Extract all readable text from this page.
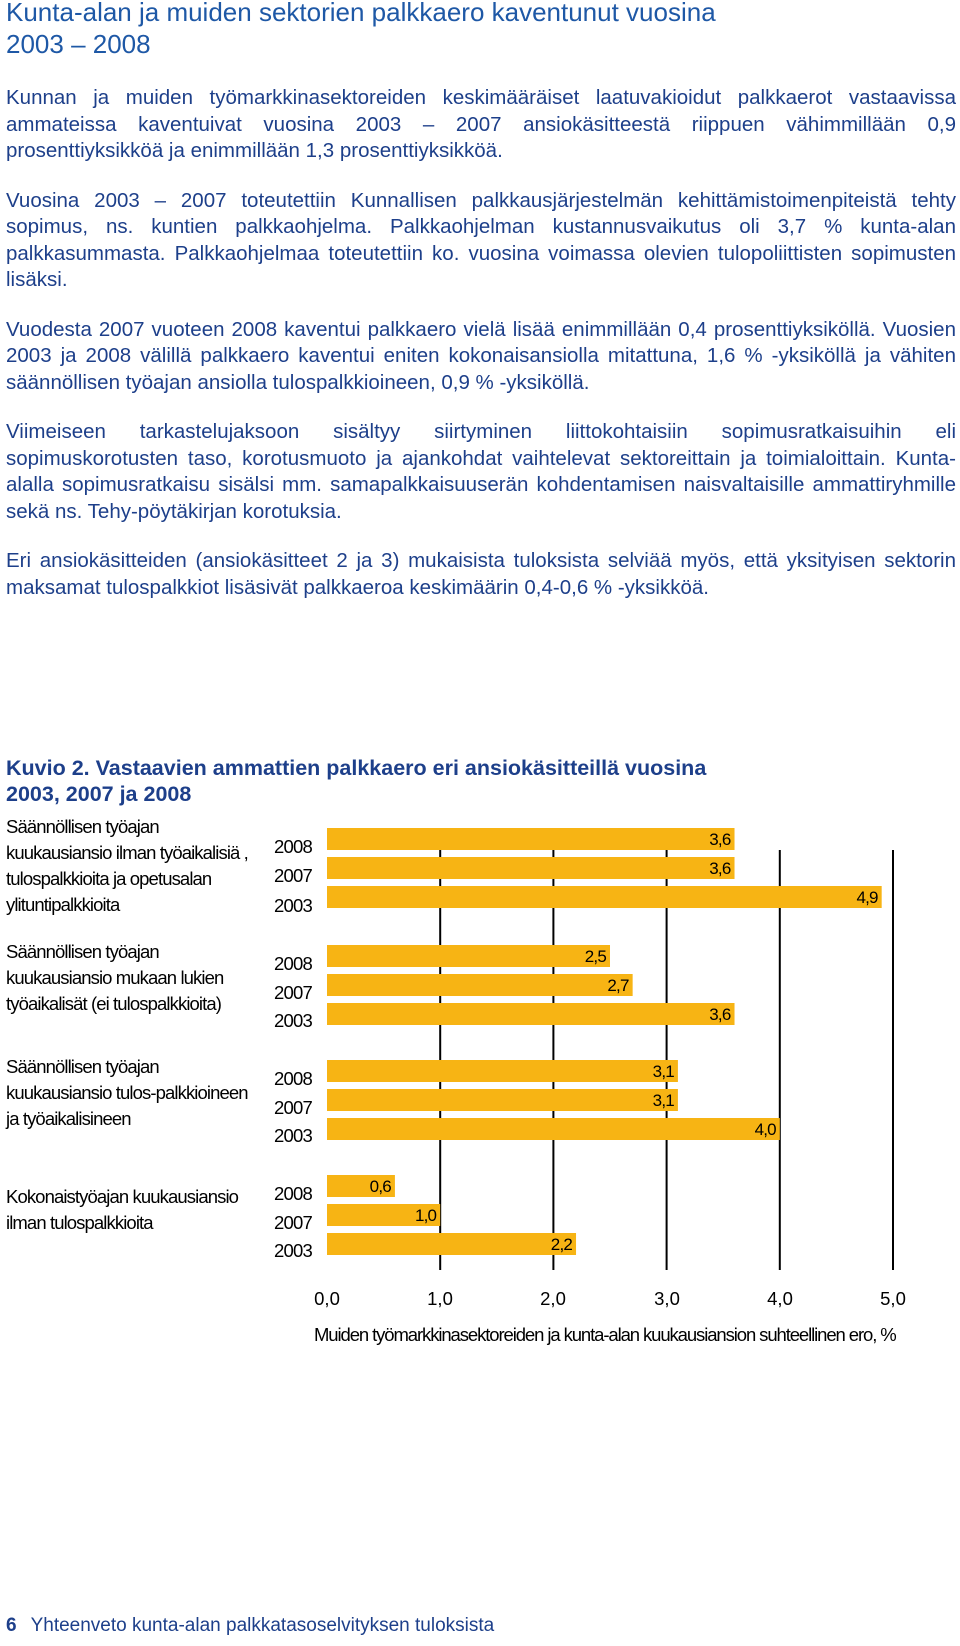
Kunta-alan ja muiden sektorien palkkaero kaventunut vuosina 2003 – 2008

Kunnan ja muiden työmarkkinasektoreiden keskimääräiset laatuvakioidut palkkaerot vastaavissa ammateissa kaventuivat vuosina 2003 – 2007 ansiokäsitteestä riippuen vähimmillään 0,9 prosenttiyksikköä ja enimmillään 1,3 prosenttiyksikköä.

Vuosina 2003 – 2007 toteutettiin Kunnallisen palkkausjärjestelmän kehittämistoimenpiteistä tehty sopimus, ns. kuntien palkkaohjelma. Palkkaohjelman kustannusvaikutus oli 3,7 % kunta-alan palkkasummasta. Palkkaohjelmaa toteutettiin ko. vuosina voimassa olevien tulopoliittisten sopimusten lisäksi.

Vuodesta 2007 vuoteen 2008 kaventui palkkaero vielä lisää enimmillään 0,4 prosenttiyksiköllä. Vuosien 2003 ja 2008 välillä palkkaero kaventui eniten kokonaisansiolla mitattuna, 1,6 % -yksiköllä ja vähiten säännöllisen työajan ansiolla tulospalkkioineen, 0,9 % -yksiköllä.

Viimeiseen tarkastelujaksoon sisältyy siirtyminen liittokohtaisiin sopimusratkaisuihin eli sopimuskorotusten taso, korotusmuoto ja ajankohdat vaihtelevat sektoreittain ja toimialoittain. Kunta-alalla sopimusratkaisu sisälsi mm. samapalkkaisuuserän kohdentamisen naisvaltaisille ammattiryhmille sekä ns. Tehy-pöytäkirjan korotuksia.

Eri ansiokäsitteiden (ansiokäsitteet 2 ja 3) mukaisista tuloksista selviää myös, että yksityisen sektorin maksamat tulospalkkiot lisäsivät palkkaeroa keskimäärin 0,4-0,6 % -yksikköä.

Kuvio 2. Vastaavien ammattien palkkaero eri ansiokäsitteillä vuosina 2003, 2007 ja 2008
3,6
3,6
4,9
2,5
2,7
3,6
3,1
3,1
4,0
0,6
1,0
2,2
Säännöllisen työajan kuukausiansio ilman työaikalisiä , tulospalkkioita ja opetusalan ylituntipalkkioita
Säännöllisen työajan kuukausiansio mukaan lukien työaikalisät (ei tulospalkkioita)
Säännöllisen työajan kuukausiansio tulos-palkkioineen ja työaikalisineen
Kokonaistyöajan kuukausiansio ilman tulospalkkioita
2008
2007
2003
2008
2007
2003
2008
2007
2003
2008
2007
2003
0,0	1,0	2,0	3,0	4,0	5,0
Muiden työmarkkinasektoreiden ja kunta-alan kuukausiansion suhteellinen ero, %
6 Yhteenveto kunta-alan palkkatasoselvityksen tuloksista
